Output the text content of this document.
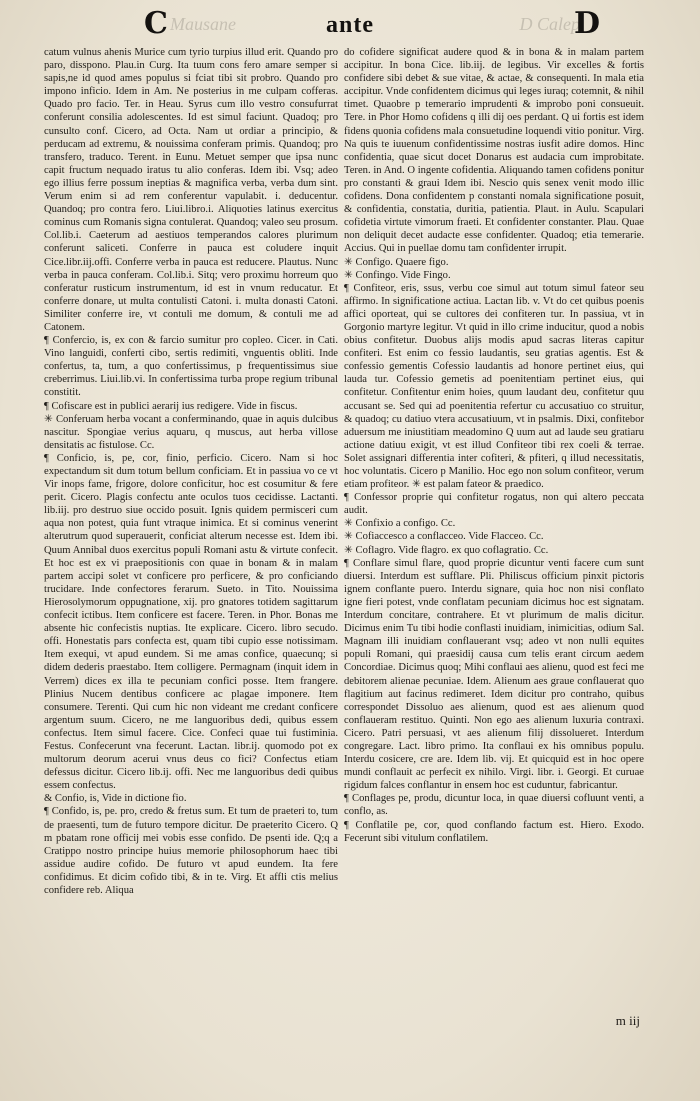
Mausane	D Calep
C	ante	D

catum vulnus ahenis Murice cum tyrio turpius illud erit. Quando pro paro, disspono. Plau.in Curg. Ita tuum cons fero amare semper si sapis,ne id quod ames populus si fciat tibi sit probro. Quando pro impono inficio. Idem in Am. Ne posterius in me culpam cofferas. Quado pro facio. Ter. in Heau. Syrus cum illo vestro consufurrat conferunt consilia adolescentes. Id est simul faciunt. Quadoq; pro cunsulto conf. Cicero, ad Octa. Nam ut ordiar a principio, & perducam ad extremu, & nouissima conferam primis. Quandoq; pro transfero, traduco. Terent. in Eunu. Metuet semper que ipsa nunc capit fructum nequado iratus tu alio conferas. Idem ibi. Vsq; adeo ego illius ferre possum ineptias & magnifica verba, verba dum sint. Verum enim si ad rem conferentur vapulabit. i. deducentur. Quandoq; pro contra fero. Liui.libro.i. Aliquoties latinus exercitus cominus cum Romanis signa contulerat. Quandoq; valeo seu prosum. Col.lib.i. Caeterum ad aestiuos temperandos calores plurimum conferunt saliceti. Conferre in pauca est coludere inquit Cice.libr.iij.offi. Conferre verba in pauca est reducere. Plautus. Nunc verba in pauca conferam. Col.lib.i. Sitq; vero proximu horreum quo conferatur rusticum instrumentum, id est in vnum reducatur. Et conferre donare, ut multa contulisti Catoni. i. multa donasti Catoni. Similiter conferre ire, vt contuli me domum, & contuli me ad Catonem.

¶ Confercio, is, ex con & farcio sumitur pro copleo. Cicer. in Cati. Vino languidi, conferti cibo, sertis redimiti, vnguentis obliti. Inde confertus, ta, tum, a quo confertissimus, p frequentissimus siue creberrimus. Liui.lib.vi. In confertissima turba prope regium tribunal constitit.

¶ Cofiscare est in publici aerarij ius redigere. Vide in fiscus.

✳ Conferuam herba vocant a conferminando, quae in aquis dulcibus nascitur. Spongiae verius aquaru, q muscus, aut herba villose densitatis ac fistulose. Cc.

¶ Conficio, is, pe, cor, finio, perficio. Cicero. Nam si hoc expectandum sit dum totum bellum conficiam. Et in passiua vo ce vt Vir inops fame, frigore, dolore conficitur, hoc est cosumitur & fere perit. Cicero. Plagis confectu ante oculos tuos cecidisse. Lactanti. lib.iij. pro destruo siue occido posuit. Ignis quidem permisceri cum aqua non potest, quia funt vtraque inimica. Et si cominus venerint alterutrum quod superauerit, conficiat alterum necesse est. Idem ibi. Quum Annibal duos exercitus populi Romani astu & virtute confecit. Et hoc est ex vi praepositionis con quae in bonam & in malam partem accipi solet vt conficere pro perficere, & pro conficiando trucidare. Inde confectores ferarum. Sueto. in Tito. Nouissima Hierosolymorum oppugnatione, xij. pro gnatores totidem sagittarum confecit ictibus. Item conficere est facere. Teren. in Phor. Bonas me absente hic confecistis nuptias. Ite explicare. Cicero. libro secudo. offi. Honestatis pars confecta est, quam tibi cupio esse notissimam. Item exequi, vt apud eundem. Si me amas confice, quaecunq; si didem dederis praestabo. Item colligere. Permagnam (inquit idem in Verrem) dices ex illa te pecuniam confici posse. Item frangere. Plinius Nucem dentibus conficere ac plagae imponere. Item consumere. Terenti. Qui cum hic non videant me credant conficere argentum suum. Cicero, ne me languoribus dedi, quibus essem confectus. Item simul facere. Cice. Confeci quae tui fustiminia. Festus. Confecerunt vna fecerunt. Lactan. libr.ij. quomodo pot ex multorum deorum acerui vnus deus co fici? Confectus etiam defessus dicitur. Cicero lib.ij. offi. Nec me languoribus dedi quibus essem confectus.

& Confio, is, Vide in dictione fio.

¶ Confido, is, pe. pro, credo & fretus sum. Et tum de praeteri to, tum de praesenti, tum de futuro tempore dicitur. De praeterito Cicero. Q m pbatam rone officij mei vobis esse confido. De psenti ide. Q;q a Cratippo nostro principe huius memorie philosophorum haec tibi assidue audire cofido. De futuro vt apud eundem. Ita fere confidimus. Et dicim cofido tibi, & in te. Virg. Et affli ctis melius confidere reb. Aliqua

do cofidere significat audere quod & in bona & in malam partem accipitur. In bona Cice. lib.iij. de legibus. Vir excelles & fortis confidere sibi debet & sue vitae, & actae, & consequenti. In mala etia accipitur. Vnde confidentem dicimus qui leges iuraq; cotemnit, & nihil timet. Quaobre p temerario imprudenti & improbo poni consueuit. Tere. in Phor Homo cofidens q illi dij oes perdant. Q ui fortis est idem fidens quonia cofidens mala consuetudine loquendi vitio ponitur. Virg. Na quis te iuuenum confidentissime nostras iusfit adire domos. Hinc confidentia, quae sicut docet Donarus est audacia cum improbitate. Teren. in And. O ingente cofidentia. Aliquando tamen cofidens ponitur pro constanti & graui Idem ibi. Nescio quis senex venit modo illic cofidens. Dona confidentem p constanti nomala significatione posuit, & confidentia, constatia, duritia, patientia. Plaut. in Aulu. Scapulari cofidetia virtute vimorum fraeti. Et confidenter constanter. Plau. Quae non deliquit decet audacte esse confidenter. Quadoq; etia temerarie. Accius. Qui in puellae domu tam confidenter irrupit.

✳ Configo. Quaere figo.

✳ Confingo. Vide Fingo.

¶ Confiteor, eris, ssus, verbu coe simul aut totum simul fateor seu affirmo. In significatione actiua. Lactan lib. v. Vt do cet quibus poenis affici oporteat, qui se cultores dei confiteren tur. In passiua, vt in Gorgonio martyre legitur. Vt quid in illo crime inducitur, quod a nobis obius confitetur. Duobus alijs modis apud sacras literas capitur confiteri. Est enim co fessio laudantis, seu gratias agentis. Est & confessio gementis Cofessio laudantis ad honore pertinet eius, qui lauda tur. Cofessio gemetis ad poenitentiam pertinet eius, qui confitetur. Confitentur enim hoies, quum laudant deu, confitetur quu accusant se. Sed qui ad poenitentia refertur cu accusatiuo co struitur, & quadoq; cu datiuo vtera accusatiuum, vt in psalmis. Dixi, confitebor aduersum me iniustitiam meadomino Q uum aut ad laude seu gratiaru actione datiuu exigit, vt est illud Confiteor tibi rex coeli & terrae. Solet assignari differentia inter cofiteri, & pfiteri, q illud necessitatis, hoc voluntatis. Cicero p Manilio. Hoc ego non solum confiteor, verum etiam profiteor. ✳ est palam fateor & praedico.

¶ Confessor proprie qui confitetur rogatus, non qui altero peccata audit.

✳ Confixio a configo. Cc.

✳ Cofiaccesco a conflacceo. Vide Flacceo. Cc.

✳ Coflagro. Vide flagro. ex quo coflagratio. Cc.

¶ Conflare simul flare, quod proprie dicuntur venti facere cum sunt diuersi. Interdum est sufflare. Pli. Philiscus officium pinxit pictoris ignem conflante puero. Interdu signare, quia hoc non nisi conflato igne fieri potest, vnde conflatam pecuniam dicimus hoc est signatam. Interdum concitare, contrahere. Et vt plurimum de malis dicitur. Dicimus enim Tu tibi hodie conflasti inuidiam, inimicitias, odium Sal. Magnam illi inuidiam conflauerant vsq; adeo vt non nulli equites populi Romani, qui praesidij causa cum telis erant circum aedem Concordiae. Dicimus quoq; Mihi conflaui aes alienu, quod est feci me debitorem alienae pecuniae. Idem. Alienum aes graue conflauerat quo flagitium aut facinus redimeret. Idem dicitur pro contraho, quibus correspondet Dissoluo aes alienum, quod est aes alienum quod conflaueram restituo. Quinti. Non ego aes alienum luxuria contraxi. Cicero. Patri persuasi, vt aes alienum filij dissolueret. Interdum congregare. Lact. libro primo. Ita conflaui ex his omnibus populu. Interdu cosicere, cre are. Idem lib. vij. Et quicquid est in hoc opere mundi conflauit ac perfecit ex nihilo. Virgi. libr. i. Georgi. Et curuae rigidum falces conflantur in ensem hoc est cuduntur, fabricantur.

¶ Conflages pe, produ, dicuntur loca, in quae diuersi cofluunt venti, a conflo, as.

¶ Conflatile pe, cor, quod conflando factum est. Hiero. Exodo. Fecerunt sibi vitulum conflatilem.

m iij
